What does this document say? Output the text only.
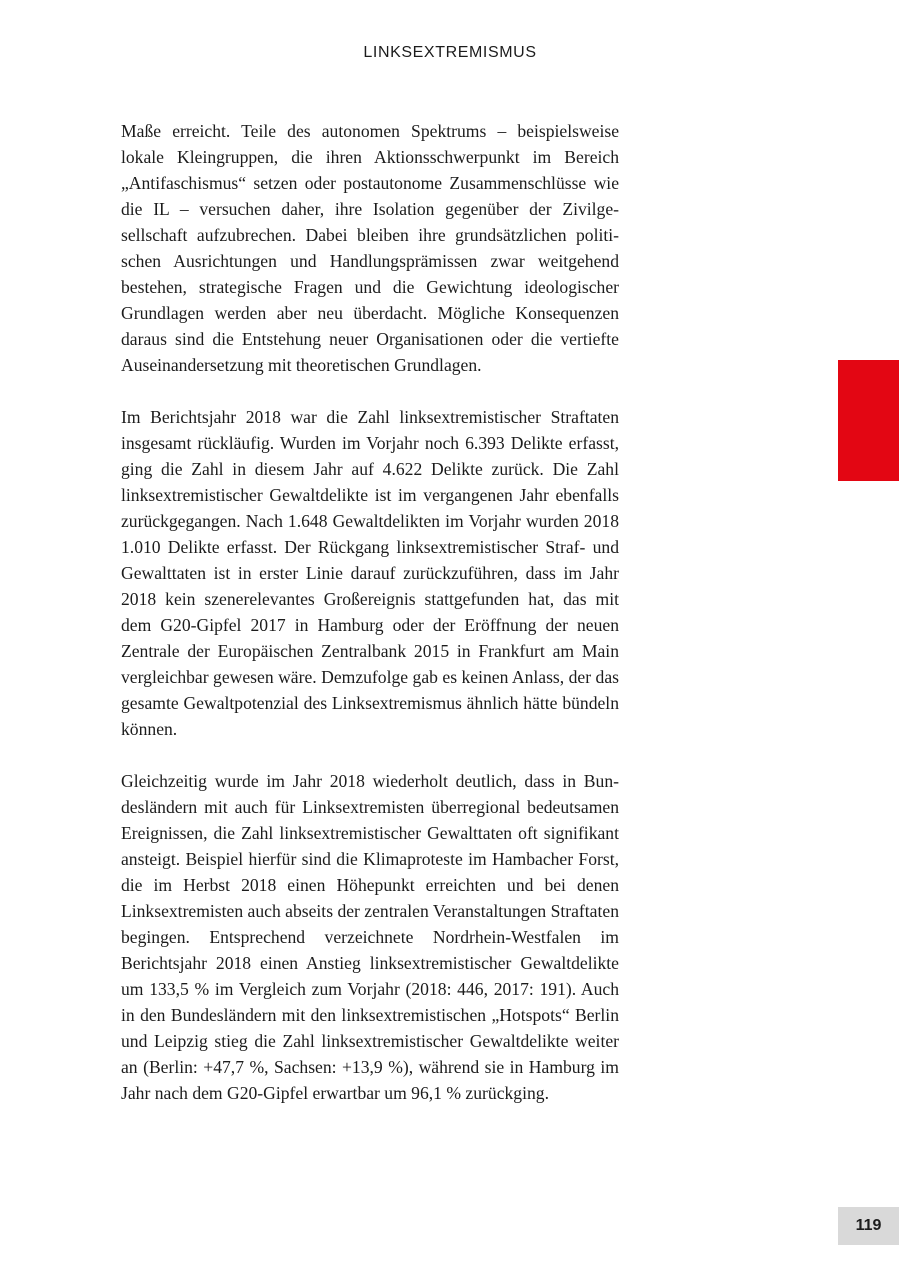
LINKSEXTREMISMUS

Maße erreicht. Teile des autonomen Spektrums – beispielsweise lokale Kleingruppen, die ihren Aktionsschwerpunkt im Bereich „Antifaschismus“ setzen oder postautonome Zusammenschlüsse wie die IL – versuchen daher, ihre Isolation gegenüber der Zivilgesellschaft aufzubrechen. Dabei bleiben ihre grundsätzlichen politischen Ausrichtungen und Handlungsprämissen zwar weitgehend bestehen, strategische Fragen und die Gewichtung ideologischer Grundlagen werden aber neu überdacht. Mögliche Konsequenzen daraus sind die Entstehung neuer Organisationen oder die vertiefte Auseinandersetzung mit theoretischen Grundlagen.

Im Berichtsjahr 2018 war die Zahl linksextremistischer Straftaten insgesamt rückläufig. Wurden im Vorjahr noch 6.393 Delikte erfasst, ging die Zahl in diesem Jahr auf 4.622 Delikte zurück. Die Zahl linksextremistischer Gewaltdelikte ist im vergangenen Jahr ebenfalls zurückgegangen. Nach 1.648 Gewaltdelikten im Vorjahr wurden 2018 1.010 Delikte erfasst. Der Rückgang linksextremistischer Straf- und Gewalttaten ist in erster Linie darauf zurückzuführen, dass im Jahr 2018 kein szenerelevantes Großereignis stattgefunden hat, das mit dem G20-Gipfel 2017 in Hamburg oder der Eröffnung der neuen Zentrale der Europäischen Zentralbank 2015 in Frankfurt am Main vergleichbar gewesen wäre. Demzufolge gab es keinen Anlass, der das gesamte Gewaltpotenzial des Linksextremismus ähnlich hätte bündeln können.

Gleichzeitig wurde im Jahr 2018 wiederholt deutlich, dass in Bundesländern mit auch für Linksextremisten überregional bedeutsamen Ereignissen, die Zahl linksextremistischer Gewalttaten oft signifikant ansteigt. Beispiel hierfür sind die Klimaproteste im Hambacher Forst, die im Herbst 2018 einen Höhepunkt erreichten und bei denen Linksextremisten auch abseits der zentralen Veranstaltungen Straftaten begingen. Entsprechend verzeichnete Nordrhein-Westfalen im Berichtsjahr 2018 einen Anstieg linksextremistischer Gewaltdelikte um 133,5 % im Vergleich zum Vorjahr (2018: 446, 2017: 191). Auch in den Bundesländern mit den linksextremistischen „Hotspots“ Berlin und Leipzig stieg die Zahl linksextremistischer Gewaltdelikte weiter an (Berlin: +47,7 %, Sachsen: +13,9 %), während sie in Hamburg im Jahr nach dem G20-Gipfel erwartbar um 96,1 % zurückging.

119
